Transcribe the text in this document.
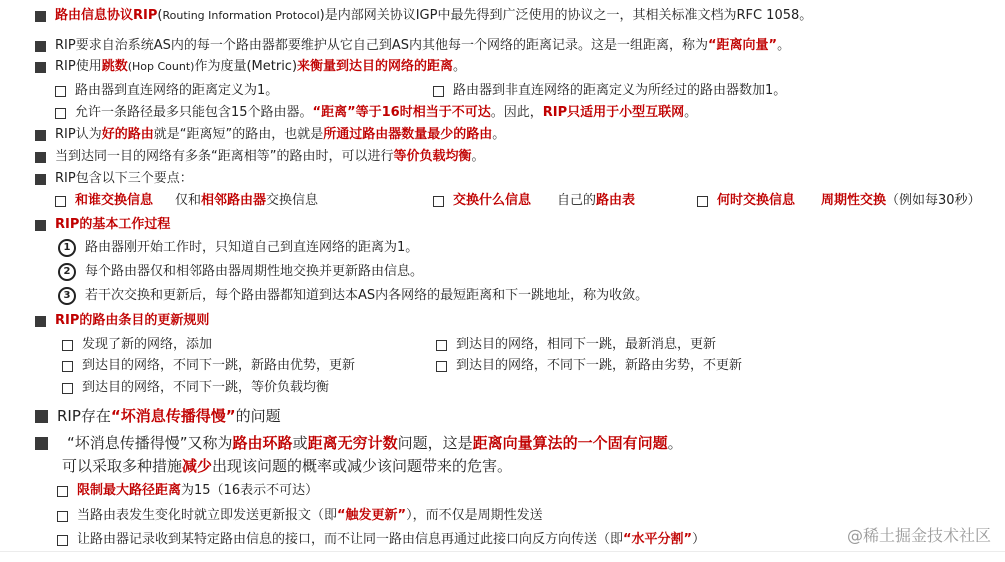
路由信息协议RIP ( Routing Information Protocol )是内部网关协议IGP中最先得到广泛使用的协议之一，其相关标准文档为RFC 1058。
RIP要求自治系统AS内的每一个路由器都要维护从它自己到AS内其他每一个网络的距离记录。这是一组距离，称为 “距离向量” 。
RIP使用 跳数 (Hop Count) 作为度量(Metric) 来衡量到达目的网络的距离 。
路由器到直连网络的距离定义为1。	路由器到非直连网络的距离定义为所经过的路由器数加1。
允许一条路径最多只能包含15个路由器。 “距离”等于16时相当于不可达 。因此， RIP只适用于小型互联网 。
RIP认为 好的路由 就是“距离短”的路由，也就是 所通过路由器数量最少的路由 。
当到达同一目的网络有多条“距离相等”的路由时，可以进行 等价负载均衡 。
RIP包含以下三个要点：
和谁交换信息 仅和 相邻路由器 交换信息	交换什么信息 自己的 路由表	何时交换信息 周期性交换 （例如每30秒）
RIP的基本工作过程
1	路由器刚开始工作时，只知道自己到直连网络的距离为1。
2	每个路由器仅和相邻路由器周期性地交换并更新路由信息。
3	若干次交换和更新后，每个路由器都知道到达本AS内各网络的最短距离和下一跳地址，称为收敛。
RIP的路由条目的更新规则
发现了新的网络，添加	到达目的网络，相同下一跳，最新消息，更新
到达目的网络，不同下一跳，新路由优势，更新	到达目的网络，不同下一跳，新路由劣势，不更新
到达目的网络，不同下一跳，等价负载均衡
RIP存在 “坏消息传播得慢” 的问题
“坏消息传播得慢”又称为 路由环路 或 距离无穷计数 问题，这是 距离向量算法的一个固有问题 。
可以采取多种措施 减少 出现该问题的概率或减少该问题带来的危害。
限制最大路径距离 为15（16表示不可达）
当路由表发生变化时就立即发送更新报文（即 “触发更新” ），而不仅是周期性发送
让路由器记录收到某特定路由信息的接口，而不让同一路由信息再通过此接口向反方向传送（即 “水平分割” ）	@稀土掘金技术社区
